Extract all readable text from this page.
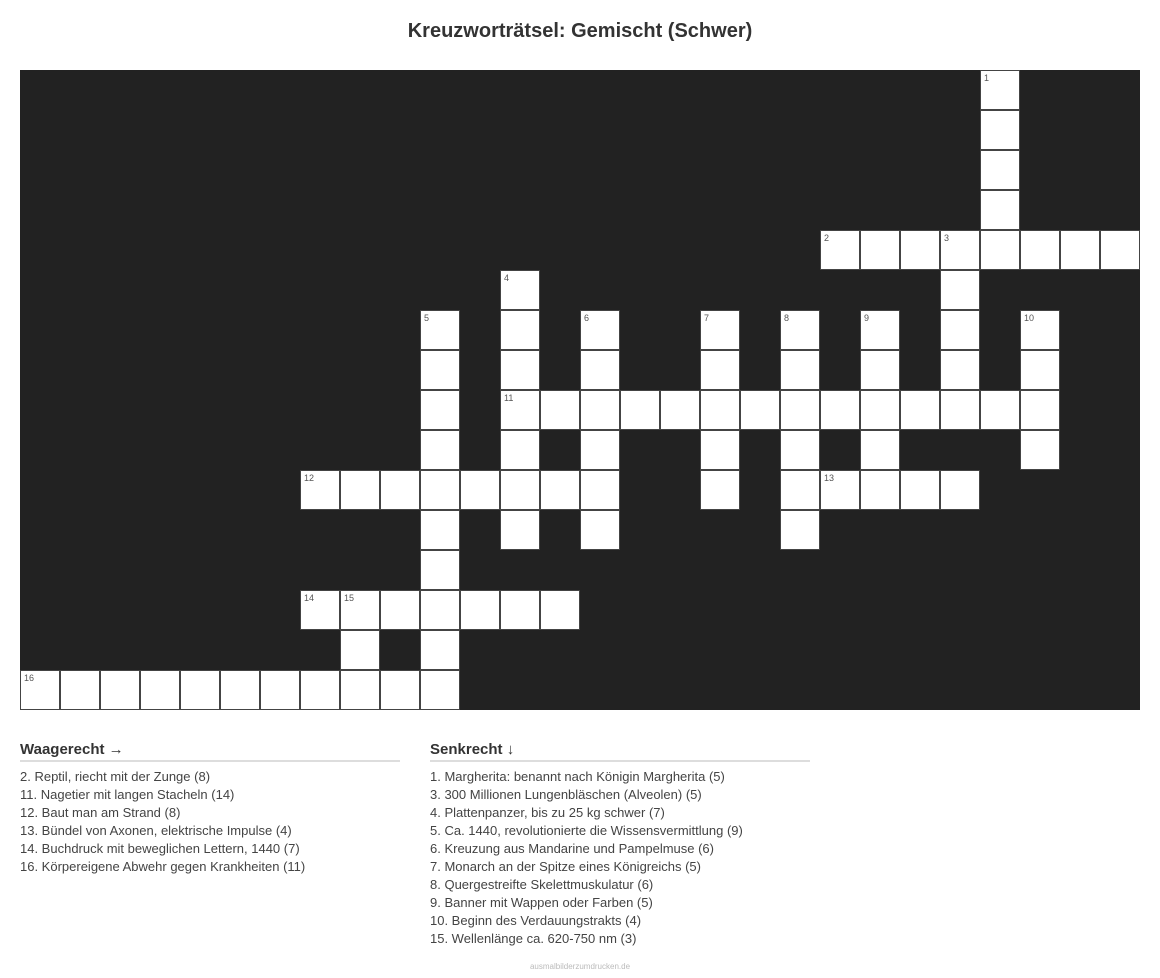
Kreuzworträtsel: Gemischt (Schwer)
1
2	3
4
11
5	6	7	8	9	10
12	13
14	15
16
Waagerecht →
2. Reptil, riecht mit der Zunge (8)
11. Nagetier mit langen Stacheln (14)
12. Baut man am Strand (8)
13. Bündel von Axonen, elektrische Impulse (4)
14. Buchdruck mit beweglichen Lettern, 1440 (7)
16. Körpereigene Abwehr gegen Krankheiten (11)
Senkrecht ↓
1. Margherita: benannt nach Königin Margherita (5)
3. 300 Millionen Lungenbläschen (Alveolen) (5)
4. Plattenpanzer, bis zu 25 kg schwer (7)
5. Ca. 1440, revolutionierte die Wissensvermittlung (9)
6. Kreuzung aus Mandarine und Pampelmuse (6)
7. Monarch an der Spitze eines Königreichs (5)
8. Quergestreifte Skelettmuskulatur (6)
9. Banner mit Wappen oder Farben (5)
10. Beginn des Verdauungstrakts (4)
15. Wellenlänge ca. 620-750 nm (3)
ausmalbilderzumdrucken.de
